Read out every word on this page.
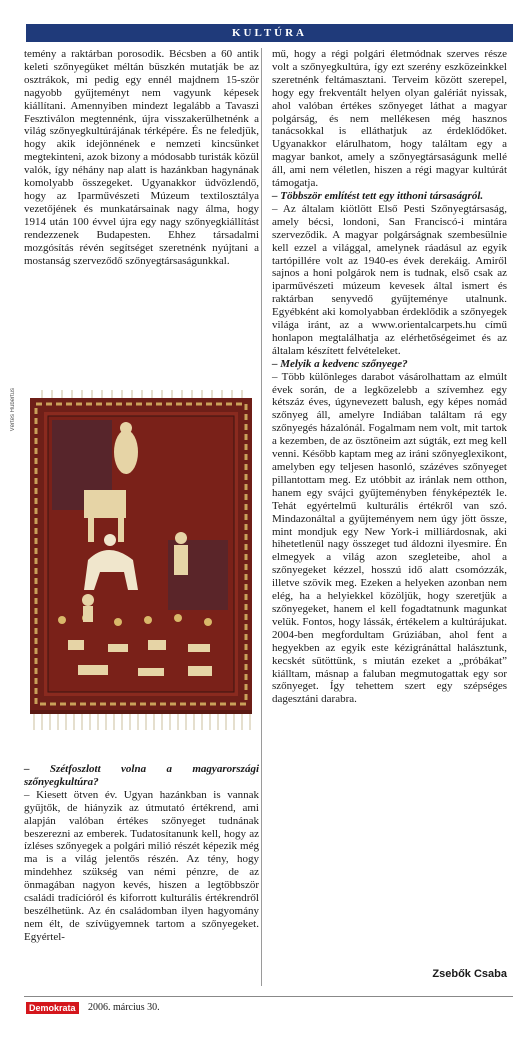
KULTÚRA

temény a raktárban porosodik. Bécsben a 60 antik keleti szőnyegüket méltán büszkén mutatják be az osztrákok, mi pedig egy ennél majdnem 15-ször nagyobb gyűjteményt nem vagyunk képesek kiállítani. Amennyiben mindezt legalább a Tavaszi Fesztiválon megtennénk, újra visszakerülhetnénk a világ szőnyegkultúrájának térképére. És ne feledjük, hogy akik idejönnének e nemzeti kincsünket megtekinteni, azok bizony a módosabb turisták közül valók, így néhány nap alatt is hazánkban hagynának komolyabb összegeket. Ugyanakkor üdvözlendő, hogy az Iparművészeti Múzeum textilosztálya vezetőjének és munkatársainak nagy álma, hogy 1914 után 100 évvel újra egy nagy szőnyegkiállítást rendezzenek Budapesten. Ehhez társadalmi mozgósítás révén segítséget szeretnénk nyújtani a mostanság szerveződő szőnyegtársaságunkkal.

Vértes Hubertus

– Szétfoszlott volna a magyarországi szőnyegkultúra?

– Kiesett ötven év. Ugyan hazánkban is vannak gyűjtők, de hiányzik az útmutató értékrend, ami alapján valóban értékes szőnyeget tudnának beszerezni az emberek. Tudatosítanunk kell, hogy az ízléses szőnyegek a polgári milió részét képezik még ma is a világ jelentős részén. Az tény, hogy mindehhez szükség van némi pénzre, de az önmagában nagyon kevés, hiszen a legtöbbször családi tradícióról és kiforrott kulturális értékrendről beszélhetünk. Az én családomban ilyen hagyomány nem élt, de szívügyemnek tartom a szőnyegeket. Egyértel-

mű, hogy a régi polgári életmódnak szerves része volt a szőnyegkultúra, így ezt szerény eszközeinkkel szeretnénk feltámasztani. Terveim között szerepel, hogy egy frekventált helyen olyan galériát nyissak, ahol valóban értékes szőnyeget láthat a magyar polgárság, és nem mellékesen még hasznos tanácsokkal is elláthatjuk az érdeklődőket. Ugyanakkor elárulhatom, hogy találtam egy a magyar bankot, amely a szőnyegtársaságunk mellé áll, ami nem véletlen, hiszen a régi magyar kultúrát támogatja.

– Többször említést tett egy itthoni társaságról.

– Az általam kiötlött Első Pesti Szőnyegtársaság, amely bécsi, londoni, San Franciscó-i mintára szerveződik. A magyar polgárságnak szembesülnie kell ezzel a világgal, amelynek ráadásul az egyik tartópillére volt az 1940-es évek derekáig. Amiről sajnos a honi polgárok nem is tudnak, első csak az iparművészeti múzeum kevesek által ismert és raktárban senyvedő gyűjteménye utalnunk. Egyébként aki komolyabban érdeklődik a szőnyegek világa iránt, az a www.orientalcarpets.hu című honlapon megtalálhatja az elérhetőségeimet és az általam készített felvételeket.

– Melyik a kedvenc szőnyege?

– Több különleges darabot vásárolhattam az elmúlt évek során, de a legközelebb a szívemhez egy kétszáz éves, úgynevezett balush, egy képes nomád szőnyeg áll, amelyre Indiában találtam rá egy szőnyegés házalónál. Fogalmam nem volt, mit tartok a kezemben, de az ösztöneim azt súgták, ezt meg kell venni. Később kaptam meg az iráni szőnyeglexikont, amelyben egy teljesen hasonló, százéves szőnyeget pillantottam meg. Ez utóbbit az iránlak nem otthon, hanem egy svájci gyűjteményben fényképezték le. Tehát egyértelmű kulturális értékről van szó. Mindazonáltal a gyűjteményem nem úgy jött össze, mint mondjuk egy New York-i milliárdosnak, aki hihetetlenül nagy összeget tud áldozni ilyesmire. Én elmegyek a világ azon szegleteibe, ahol a szőnyegeket kézzel, hosszú idő alatt csomózzák, illetve szövik meg. Ezeken a helyeken azonban nem elég, ha a helyiekkel közöljük, hogy szeretjük a szőnyegeket, hanem el kell fogadtatnunk magunkat velük. Fontos, hogy lássák, értékelem a kultúrájukat. 2004-ben megfordultam Grúziában, ahol fent a hegyekben az egyik este kézigránáttal halásztunk, kecskét sütöttünk, s miután ezeket a „próbákat” kiálltam, másnap a faluban megmutogattak egy sor szőnyeget. Így tehettem szert egy szépséges dagesztáni darabra.

Zsebők Csaba
Demokrata	2006. március 30.
